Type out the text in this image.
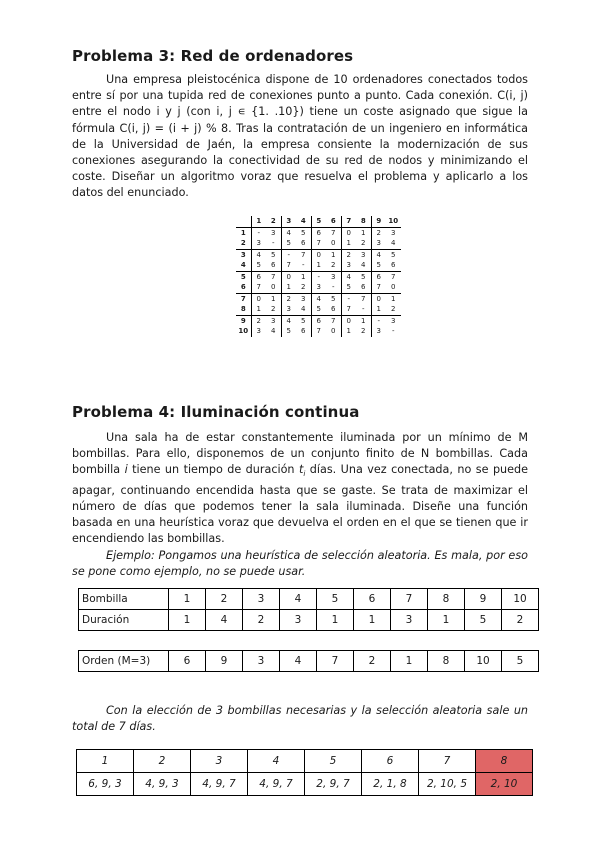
Problema 3: Red de ordenadores

Una empresa pleistocénica dispone de 10 ordenadores conectados todos entre sí por una tupida red de conexiones punto a punto. Cada conexión. C(i, j) entre el nodo i y j (con i, j ∊ {1. .10}) tiene un coste asignado que sigue la fórmula C(i, j) = (i + j) % 8. Tras la contratación de un ingeniero en informática de la Universidad de Jaén, la empresa consiente la modernización de sus conexiones asegurando la conectividad de su red de nodos y minimizando el coste. Diseñar un algoritmo voraz que resuelva el problema y aplicarlo a los datos del enunciado.

	1	2	3	4	5	6	7	8	9	10
1	-	3	4	5	6	7	0	1	2	3
2	3	-	5	6	7	0	1	2	3	4
3	4	5	-	7	0	1	2	3	4	5
4	5	6	7	-	1	2	3	4	5	6
5	6	7	0	1	-	3	4	5	6	7
6	7	0	1	2	3	-	5	6	7	0
7	0	1	2	3	4	5	-	7	0	1
8	1	2	3	4	5	6	7	-	1	2
9	2	3	4	5	6	7	0	1	-	3
10	3	4	5	6	7	0	1	2	3	-
Problema 4: Iluminación continua

Una sala ha de estar constantemente iluminada por un mínimo de M bombillas. Para ello, disponemos de un conjunto finito de N bombillas. Cada bombilla i tiene un tiempo de duración $t_i$ días. Una vez conectada, no se puede apagar, continuando encendida hasta que se gaste. Se trata de maximizar el número de días que podemos tener la sala iluminada. Diseñe una función basada en una heurística voraz que devuelva el orden en el que se tienen que ir encendiendo las bombillas.

Ejemplo: Pongamos una heurística de selección aleatoria. Es mala, por eso se pone como ejemplo, no se puede usar.

Bombilla	1	2	3	4	5	6	7	8	9	10
Duración	1	4	2	3	1	1	3	1	5	2
Orden (M=3)	6	9	3	4	7	2	1	8	10	5

Con la elección de 3 bombillas necesarias y la selección aleatoria sale un total de 7 días.

1	2	3	4	5	6	7	8
6, 9, 3	4, 9, 3	4, 9, 7	4, 9, 7	2, 9, 7	2, 1, 8	2, 10, 5	2, 10
